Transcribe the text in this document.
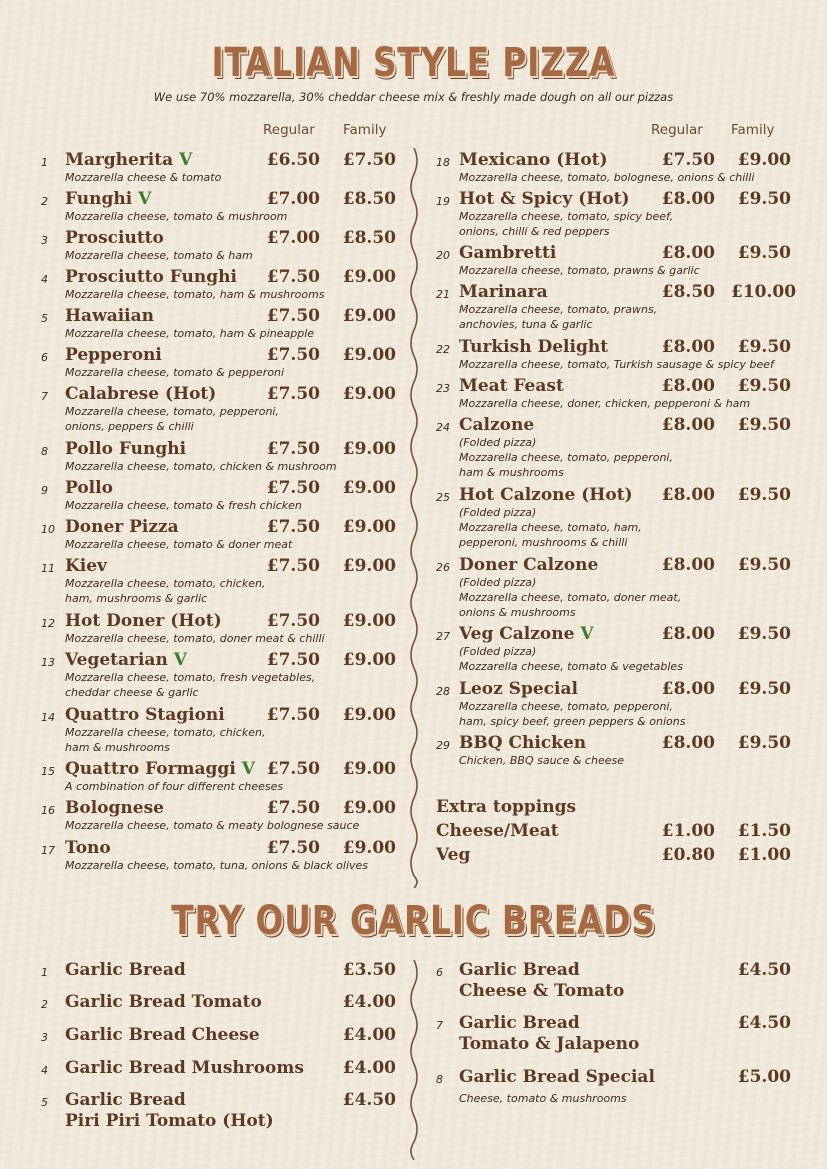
ITALIAN STYLE PIZZA
We use 70% mozzarella, 30% cheddar cheese mix & freshly made dough on all our pizzas
Regular Family	Regular Family
1 Margherita V
Mozzarella cheese & tomato
£6.50	£7.50
2 Funghi V
Mozzarella cheese, tomato & mushroom
£7.00	£8.50
3 Prosciutto
Mozzarella cheese, tomato & ham
£7.00	£8.50
4 Prosciutto Funghi
Mozzarella cheese, tomato, ham & mushrooms
£7.50	£9.00
5 Hawaiian
Mozzarella cheese, tomato, ham & pineapple
£7.50	£9.00
6 Pepperoni
Mozzarella cheese, tomato & pepperoni
£7.50	£9.00
7 Calabrese (Hot)
Mozzarella cheese, tomato, pepperoni,
onions, peppers & chilli
£7.50	£9.00
8 Pollo Funghi
Mozzarella cheese, tomato, chicken & mushroom
£7.50	£9.00
9 Pollo
Mozzarella cheese, tomato & fresh chicken
£7.50	£9.00
10 Doner Pizza
Mozzarella cheese, tomato & doner meat
£7.50	£9.00
11 Kiev
Mozzarella cheese, tomato, chicken,
ham, mushrooms & garlic
£7.50	£9.00
12 Hot Doner (Hot)
Mozzarella cheese, tomato, doner meat & chilli
£7.50	£9.00
13 Vegetarian V
Mozzarella cheese, tomato, fresh vegetables,
cheddar cheese & garlic
£7.50	£9.00
14 Quattro Stagioni
Mozzarella cheese, tomato, chicken,
ham & mushrooms
£7.50	£9.00
15 Quattro Formaggi V
A combination of four different cheeses
£7.50	£9.00
16 Bolognese
Mozzarella cheese, tomato & meaty bolognese sauce
£7.50	£9.00
17 Tono
Mozzarella cheese, tomato, tuna, onions & black olives
£7.50	£9.00
18 Mexicano (Hot)
Mozzarella cheese, tomato, bolognese, onions & chilli
£7.50	£9.00
19 Hot & Spicy (Hot)
Mozzarella cheese, tomato, spicy beef,
onions, chilli & red peppers
£8.00	£9.50
20 Gambretti
Mozzarella cheese, tomato, prawns & garlic
£8.00	£9.50
21 Marinara
Mozzarella cheese, tomato, prawns,
anchovies, tuna & garlic
£8.50 £10.00
22 Turkish Delight
Mozzarella cheese, tomato, Turkish sausage & spicy beef
£8.00	£9.50
23 Meat Feast
Mozzarella cheese, doner, chicken, pepperoni & ham
£8.00	£9.50
24 Calzone
(Folded pizza)
Mozzarella cheese, tomato, pepperoni,
ham & mushrooms
£8.00	£9.50
25 Hot Calzone (Hot)
(Folded pizza)
Mozzarella cheese, tomato, ham,
pepperoni, mushrooms & chilli
£8.00	£9.50
26 Doner Calzone
(Folded pizza)
Mozzarella cheese, tomato, doner meat,
onions & mushrooms
£8.00	£9.50
27 Veg Calzone V
(Folded pizza)
Mozzarella cheese, tomato & vegetables
£8.00	£9.50
28 Leoz Special
Mozzarella cheese, tomato, pepperoni,
ham, spicy beef, green peppers & onions
£8.00	£9.50
29 BBQ Chicken
Chicken, BBQ sauce & cheese
£8.00	£9.50
Extra toppings
Cheese/Meat	£1.00	£1.50
Veg	£0.80	£1.00
TRY OUR GARLIC BREADS
1 Garlic Bread	£3.50
2 Garlic Bread Tomato	£4.00
3 Garlic Bread Cheese	£4.00
4 Garlic Bread Mushrooms	£4.00
5 Garlic Bread
Piri Piri Tomato (Hot)
£4.50
6 Garlic Bread
Cheese & Tomato
£4.50
7 Garlic Bread
Tomato & Jalapeno
£4.50
8 Garlic Bread Special	£5.00
Cheese, tomato & mushrooms
